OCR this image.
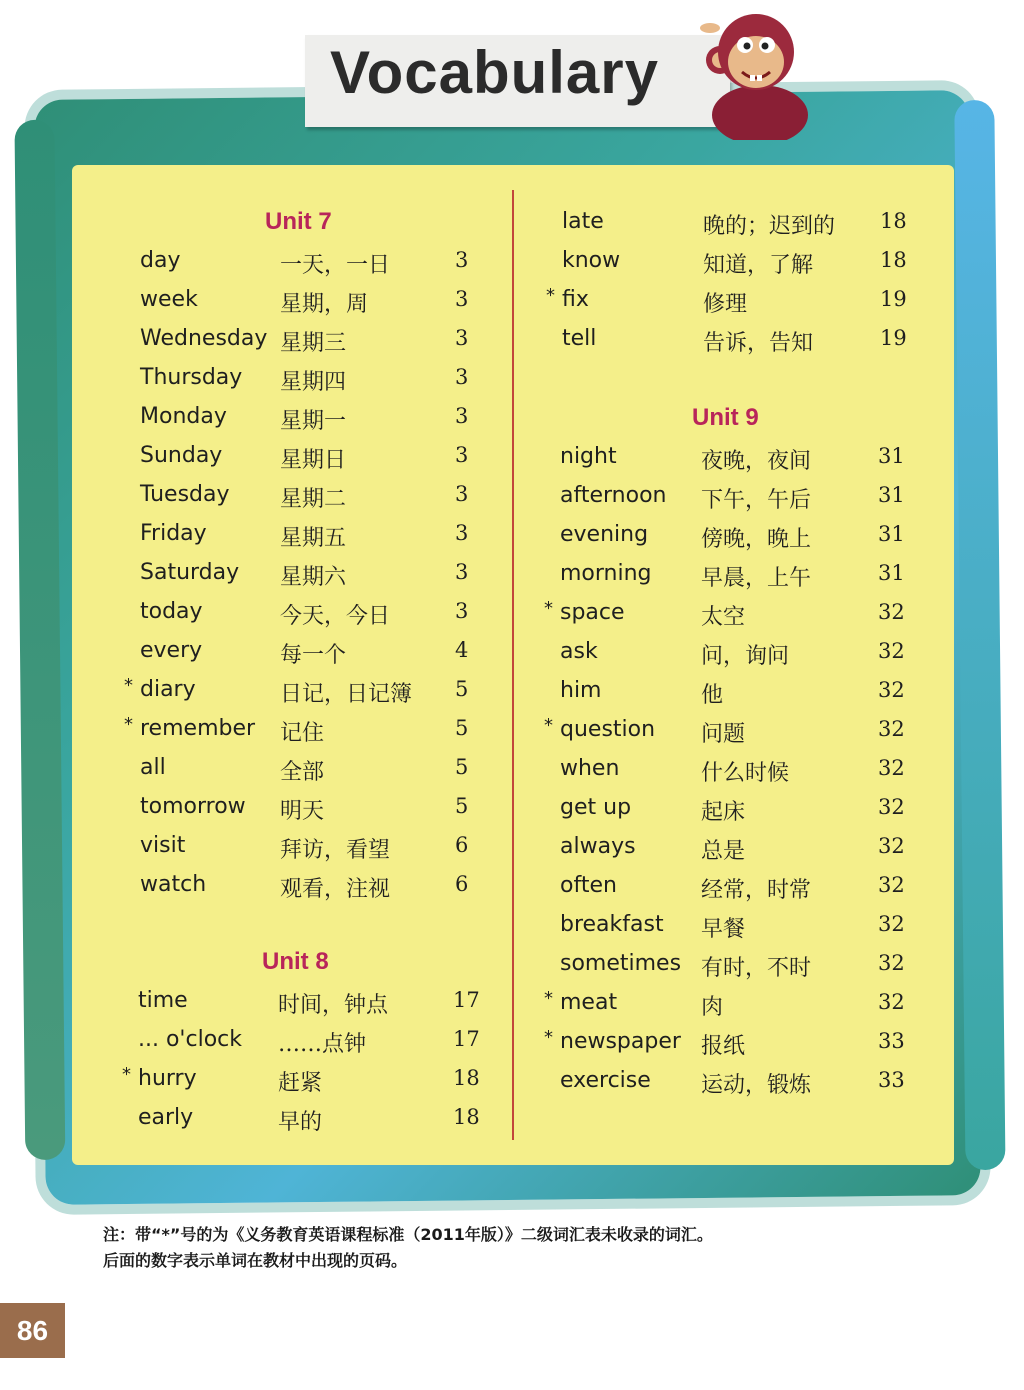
Vocabulary
Unit 7
day	一天，一日	3
week	星期，周	3
Wednesday 星期三	3
Thursday 星期四	3
Monday 星期一	3
Sunday	星期日	3
Tuesday 星期二	3
Friday	星期五	3
Saturday 星期六	3
today	今天，今日	3
every	每一个	4
* diary	日记，日记簿 5
* remember 记住	5
all	全部	5
tomorrow 明天	5
visit	拜访，看望	6
watch	观看，注视	6
time	时间，钟点	17
... o'clock ……点钟	17
* hurry	赶紧	18
early	早的	18
Unit 8
late	晚的；迟到的 18
know	知道，了解	18
* fix	修理	19
tell	告诉，告知	19
night	夜晚，夜间	31
afternoon 下午，午后	31
evening 傍晚，晚上	31
morning 早晨，上午	31
* space	太空	32
ask	问，询问	32
him	他	32
* question 问题	32
when	什么时候	32
get up	起床	32
always	总是	32
often	经常，时常	32
breakfast 早餐	32
sometimes 有时，不时	32
* meat	肉	32
* newspaper 报纸	33
exercise 运动，锻炼	33
Unit 9
注：带“*”号的为《义务教育英语课程标准（2011年版）》二级词汇表未收录的词汇。
后面的数字表示单词在教材中出现的页码。
86
